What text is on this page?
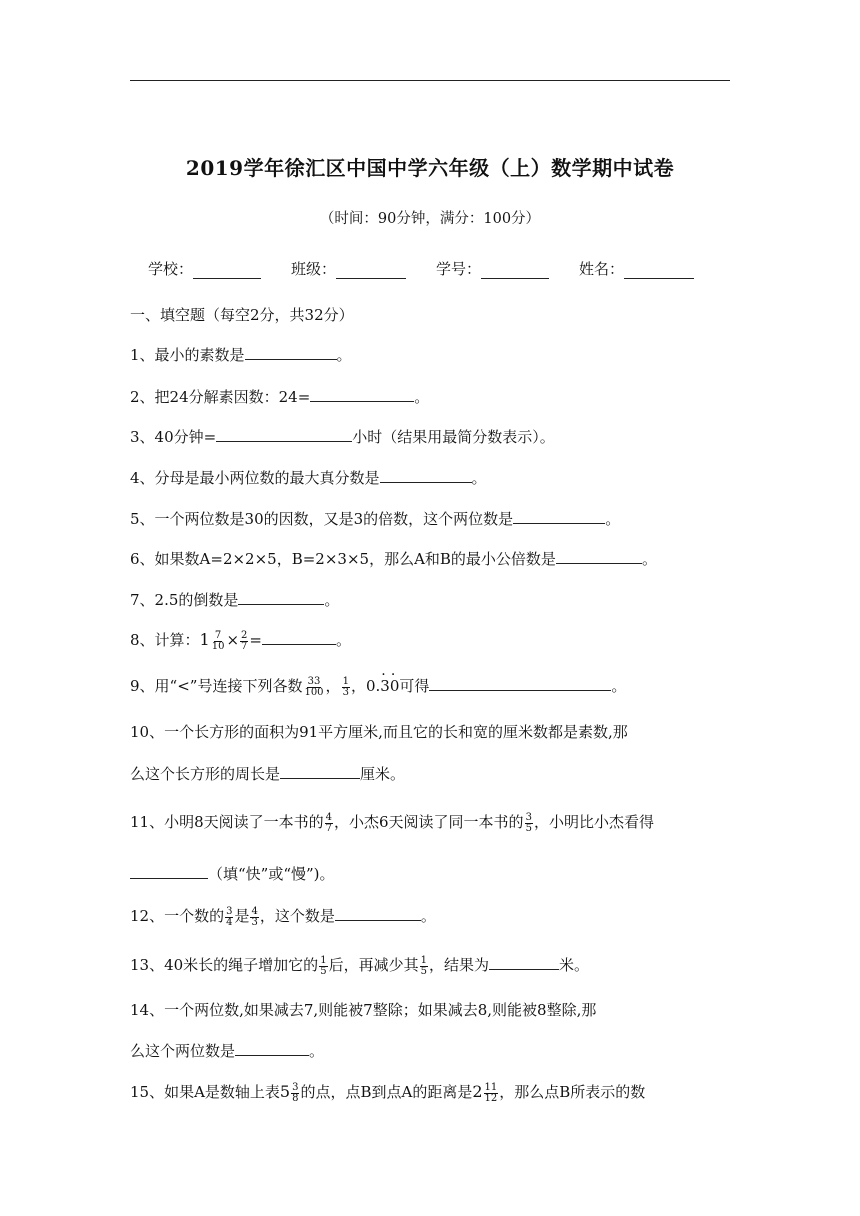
2019学年徐汇区中国中学六年级（上）数学期中试卷
（时间：90分钟，满分：100分）
学校：	班级：	学号：	姓名：
一、填空题（每空2分，共32分）
1、最小的素数是	。
2、把24分解素因数：24=	。
3、40分钟=	小时（结果用最简分数表示）。
4、分母是最小两位数的最大真分数是	。
5、一个两位数是30的因数，又是3的倍数，这个两位数是	。
6、如果数A=2×2×5，B=2×3×5，那么A和B的最小公倍数是	。
7、2.5的倒数是	。
8、计算：$1 \frac{7}{10} \times \frac{2}{7}$ =	。
9、用“<”号连接下列各数 $\frac{33}{100}$ ， $\frac{1}{3}$ ，0.· 3· 0可得	。
10、一个长方形的面积为91平方厘米,而且它的长和宽的厘米数都是素数,那
么这个长方形的周长是	厘米。
11、小明8天阅读了一本书的 $\frac{4}{7}$ ，小杰6天阅读了同一本书的 $\frac{3}{5}$ ，小明比小杰看得
（填“快”或“慢”)。
12、一个数的 $\frac{3}{4}$ 是 $\frac{4}{3}$ ，这个数是	。
13、40米长的绳子增加它的 $\frac{1}{5}$ 后，再减少其 $\frac{1}{5}$ ，结果为	米。
14、一个两位数,如果减去7,则能被7整除；如果减去8,则能被8整除,那
么这个两位数是	。
15、如果A是数轴上表$5 \frac{3}{8}$ 的点，点B到点A的距离是$2 \frac{11}{12}$ ，那么点B所表示的数
